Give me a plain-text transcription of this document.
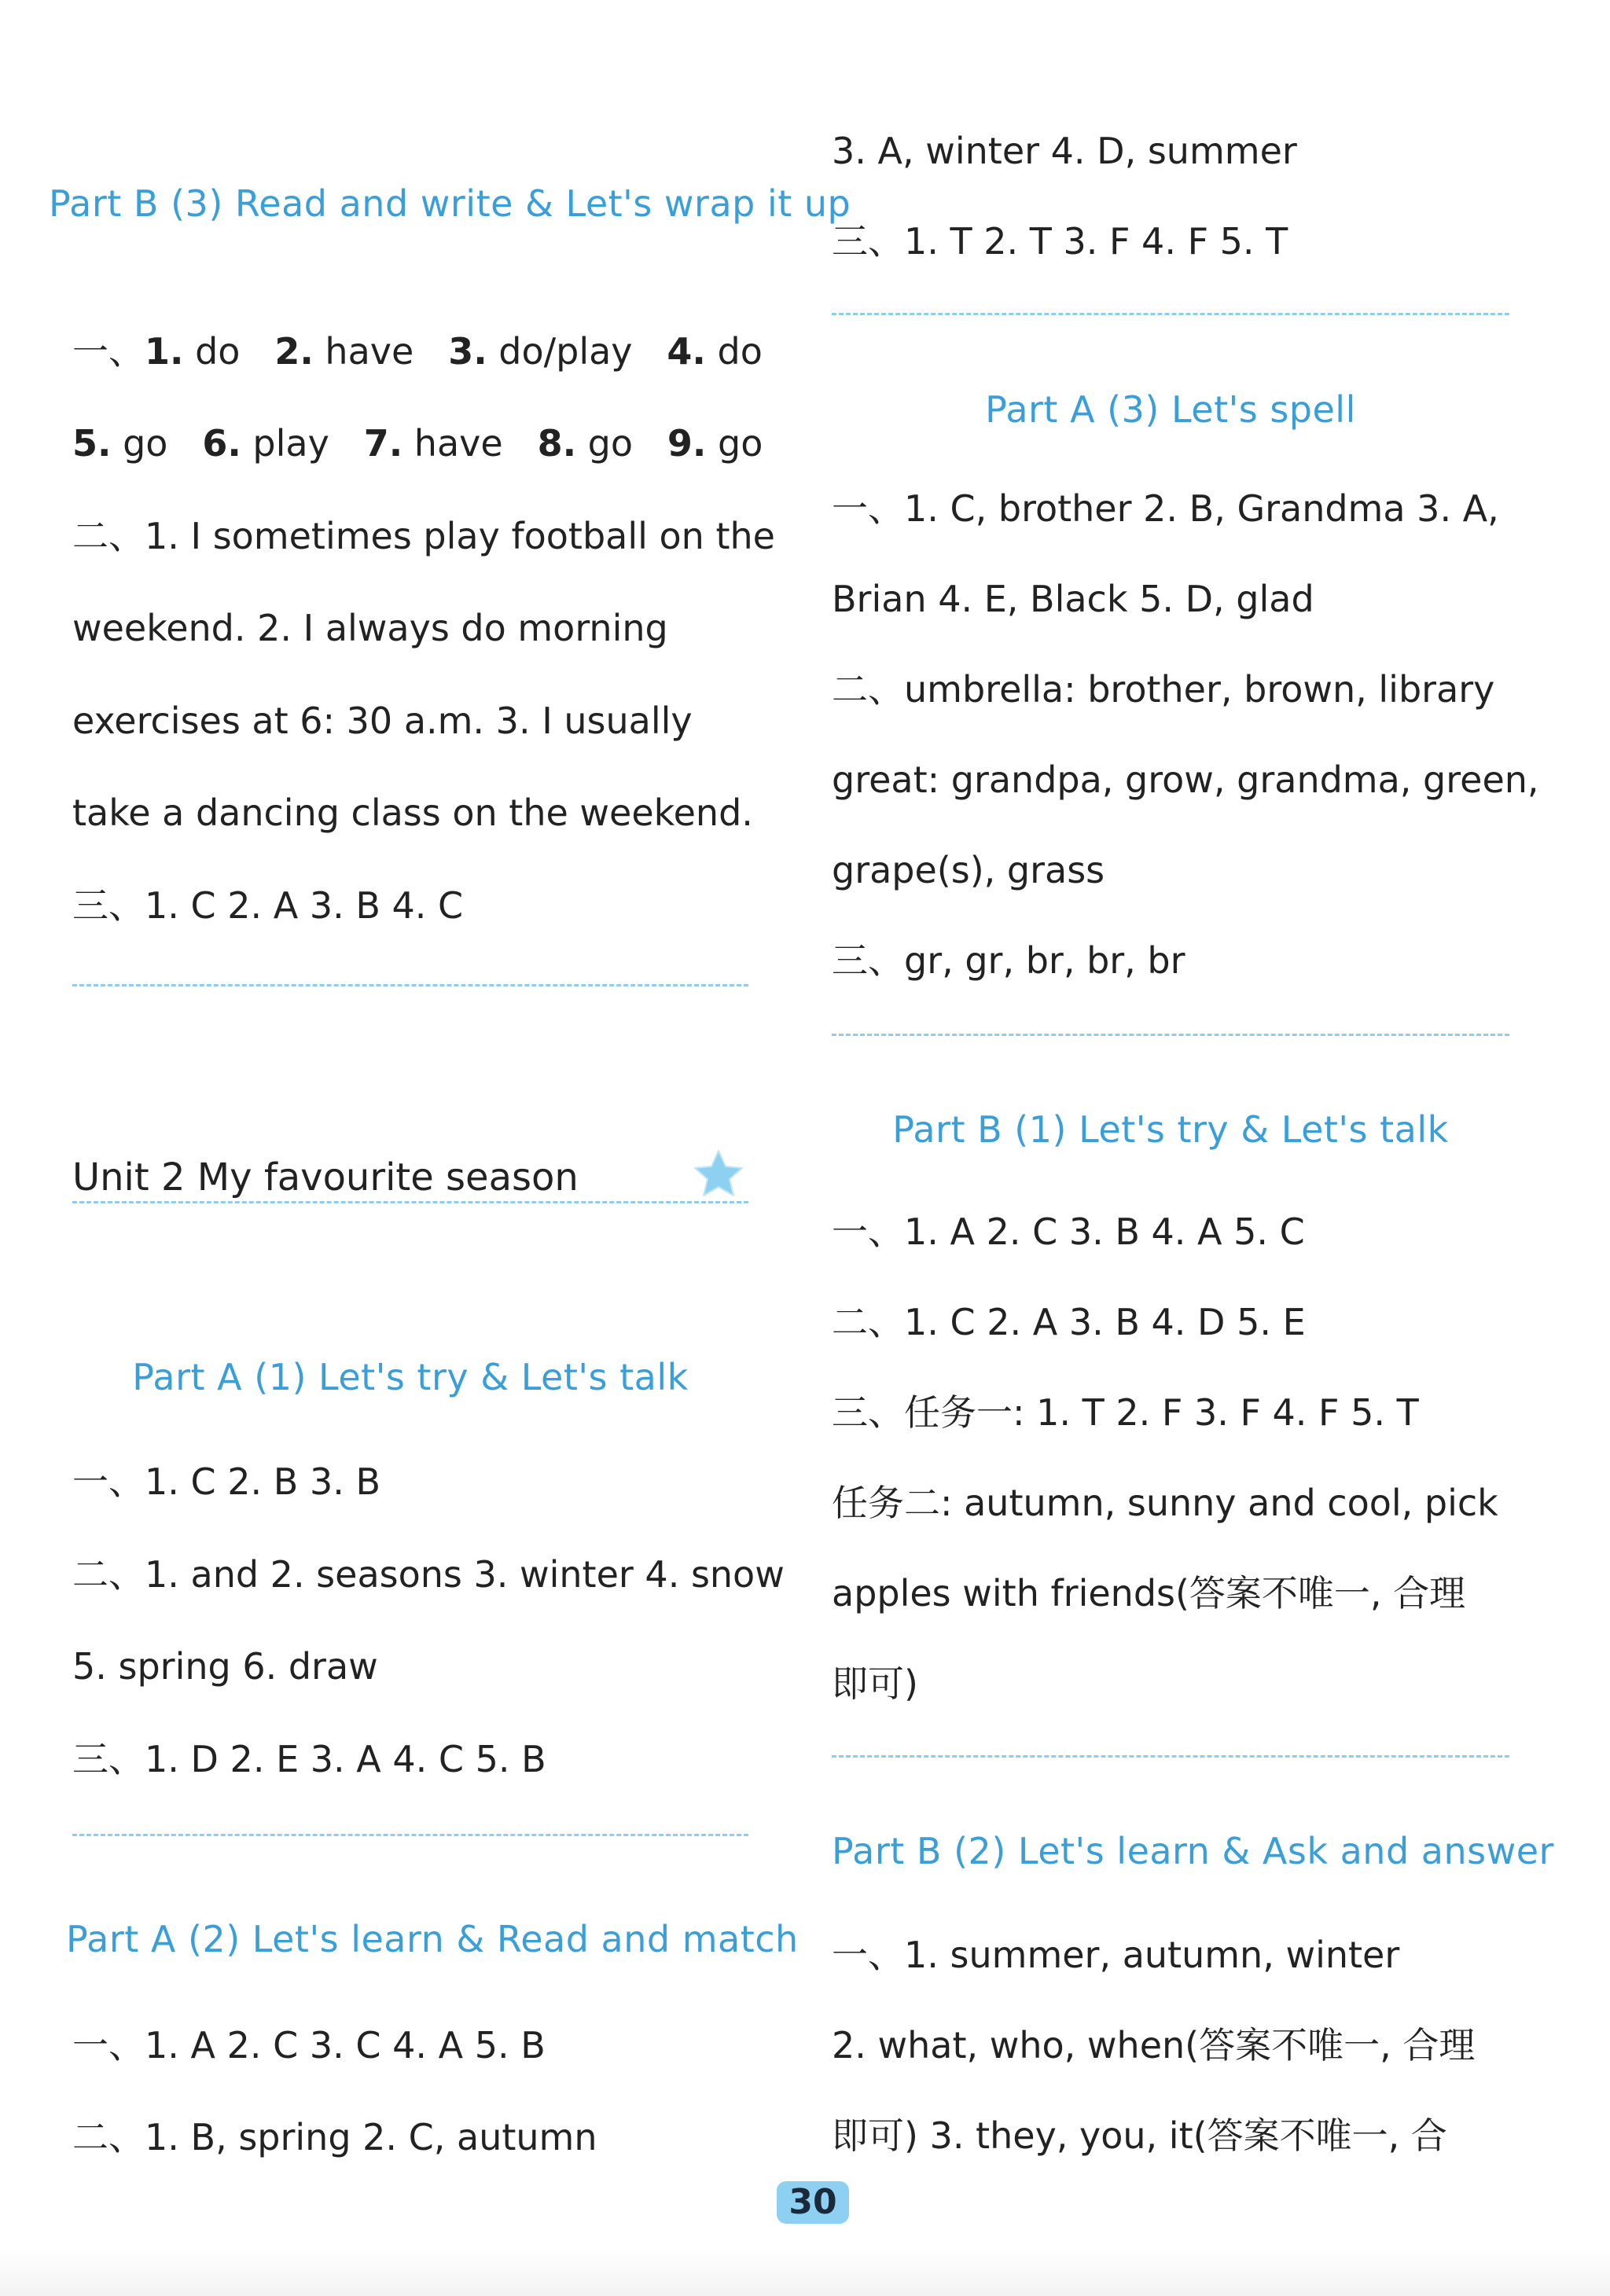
Part B (3) Read and write & Let's wrap it up
一、1. do 2. have 3. do/play 4. do
5. go 6. play 7. have 8. go 9. go
二、1. I sometimes play football on the
weekend. 2. I always do morning
exercises at 6: 30 a.m. 3. I usually
take a dancing class on the weekend.
三、1. C 2. A 3. B 4. C
Unit 2 My favourite season
Part A (1) Let's try & Let's talk
一、1. C 2. B 3. B
二、1. and 2. seasons 3. winter 4. snow
5. spring 6. draw
三、1. D 2. E 3. A 4. C 5. B
Part A (2) Let's learn & Read and match
一、1. A 2. C 3. C 4. A 5. B
二、1. B, spring 2. C, autumn
3. A, winter 4. D, summer
三、1. T 2. T 3. F 4. F 5. T
Part A (3) Let's spell
一、1. C, brother 2. B, Grandma 3. A,
Brian 4. E, Black 5. D, glad
二、umbrella: brother, brown, library
great: grandpa, grow, grandma, green,
grape(s), grass
三、gr, gr, br, br, br
Part B (1) Let's try & Let's talk
一、1. A 2. C 3. B 4. A 5. C
二、1. C 2. A 3. B 4. D 5. E
三、任务一: 1. T 2. F 3. F 4. F 5. T
任务二: autumn, sunny and cool, pick
apples with friends(答案不唯一, 合理
即可)
Part B (2) Let's learn & Ask and answer
一、1. summer, autumn, winter
2. what, who, when(答案不唯一, 合理
即可) 3. they, you, it(答案不唯一, 合
30
